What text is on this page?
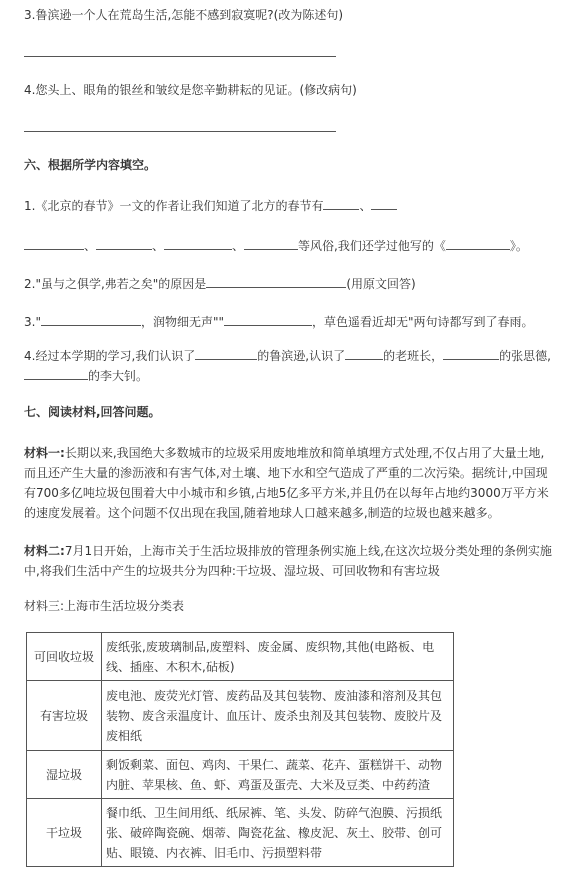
3.鲁滨逊一个人在荒岛生活,怎能不感到寂寞呢?(改为陈述句)
4.您头上、眼角的银丝和皱纹是您辛勤耕耘的见证。(修改病句)
六、根据所学内容填空。
1.《北京的春节》一文的作者让我们知道了北方的春节有	、
、	、	、	等风俗,我们还学过他写的《	》。
2."虽与之俱学,弗若之矣"的原因是	(用原文回答)
3."	，润物细无声""	，草色遥看近却无"两句诗都写到了春雨。
4.经过本学期的学习,我们认识了	的鲁滨逊,认识了	的老班长，	的张思德,
的李大钊。
七、阅读材料,回答问题。
材料一:长期以来,我国绝大多数城市的垃圾采用废地堆放和简单填埋方式处理,不仅占用了大量土地,而且还产生大量的渗沥液和有害气体,对土壤、地下水和空气造成了严重的二次污染。据统计,中国现有700多亿吨垃圾包围着大中小城市和乡镇,占地5亿多平方米,并且仍在以每年占地约3000万平方米的速度发展着。这个问题不仅出现在我国,随着地球人口越来越多,制造的垃圾也越来越多。
材料二:7月1日开始，上海市关于生活垃圾排放的管理条例实施上线,在这次垃圾分类处理的条例实施中,将我们生活中产生的垃圾共分为四种:干垃圾、湿垃圾、可回收物和有害垃圾
材料三:上海市生活垃圾分类表
可回收垃圾	废纸张,废玻璃制品,废塑料、废金属、废织物,其他(电路板、电线、插座、木积木,砧板)
有害垃圾	废电池、废荧光灯管、废药品及其包装物、废油漆和溶剂及其包装物、废含汞温度计、血压计、废杀虫剂及其包装物、废胶片及废相纸
湿垃圾	剩饭剩菜、面包、鸡肉、干果仁、蔬菜、花卉、蛋糕饼干、动物内脏、苹果核、鱼、虾、鸡蛋及蛋壳、大米及豆类、中药药渣
干垃圾	餐巾纸、卫生间用纸、纸尿裤、笔、头发、防碎气泡膜、污损纸张、破碎陶瓷碗、烟蒂、陶瓷花盆、橡皮泥、灰土、胶带、创可贴、眼镜、内衣裤、旧毛巾、污损塑料带
